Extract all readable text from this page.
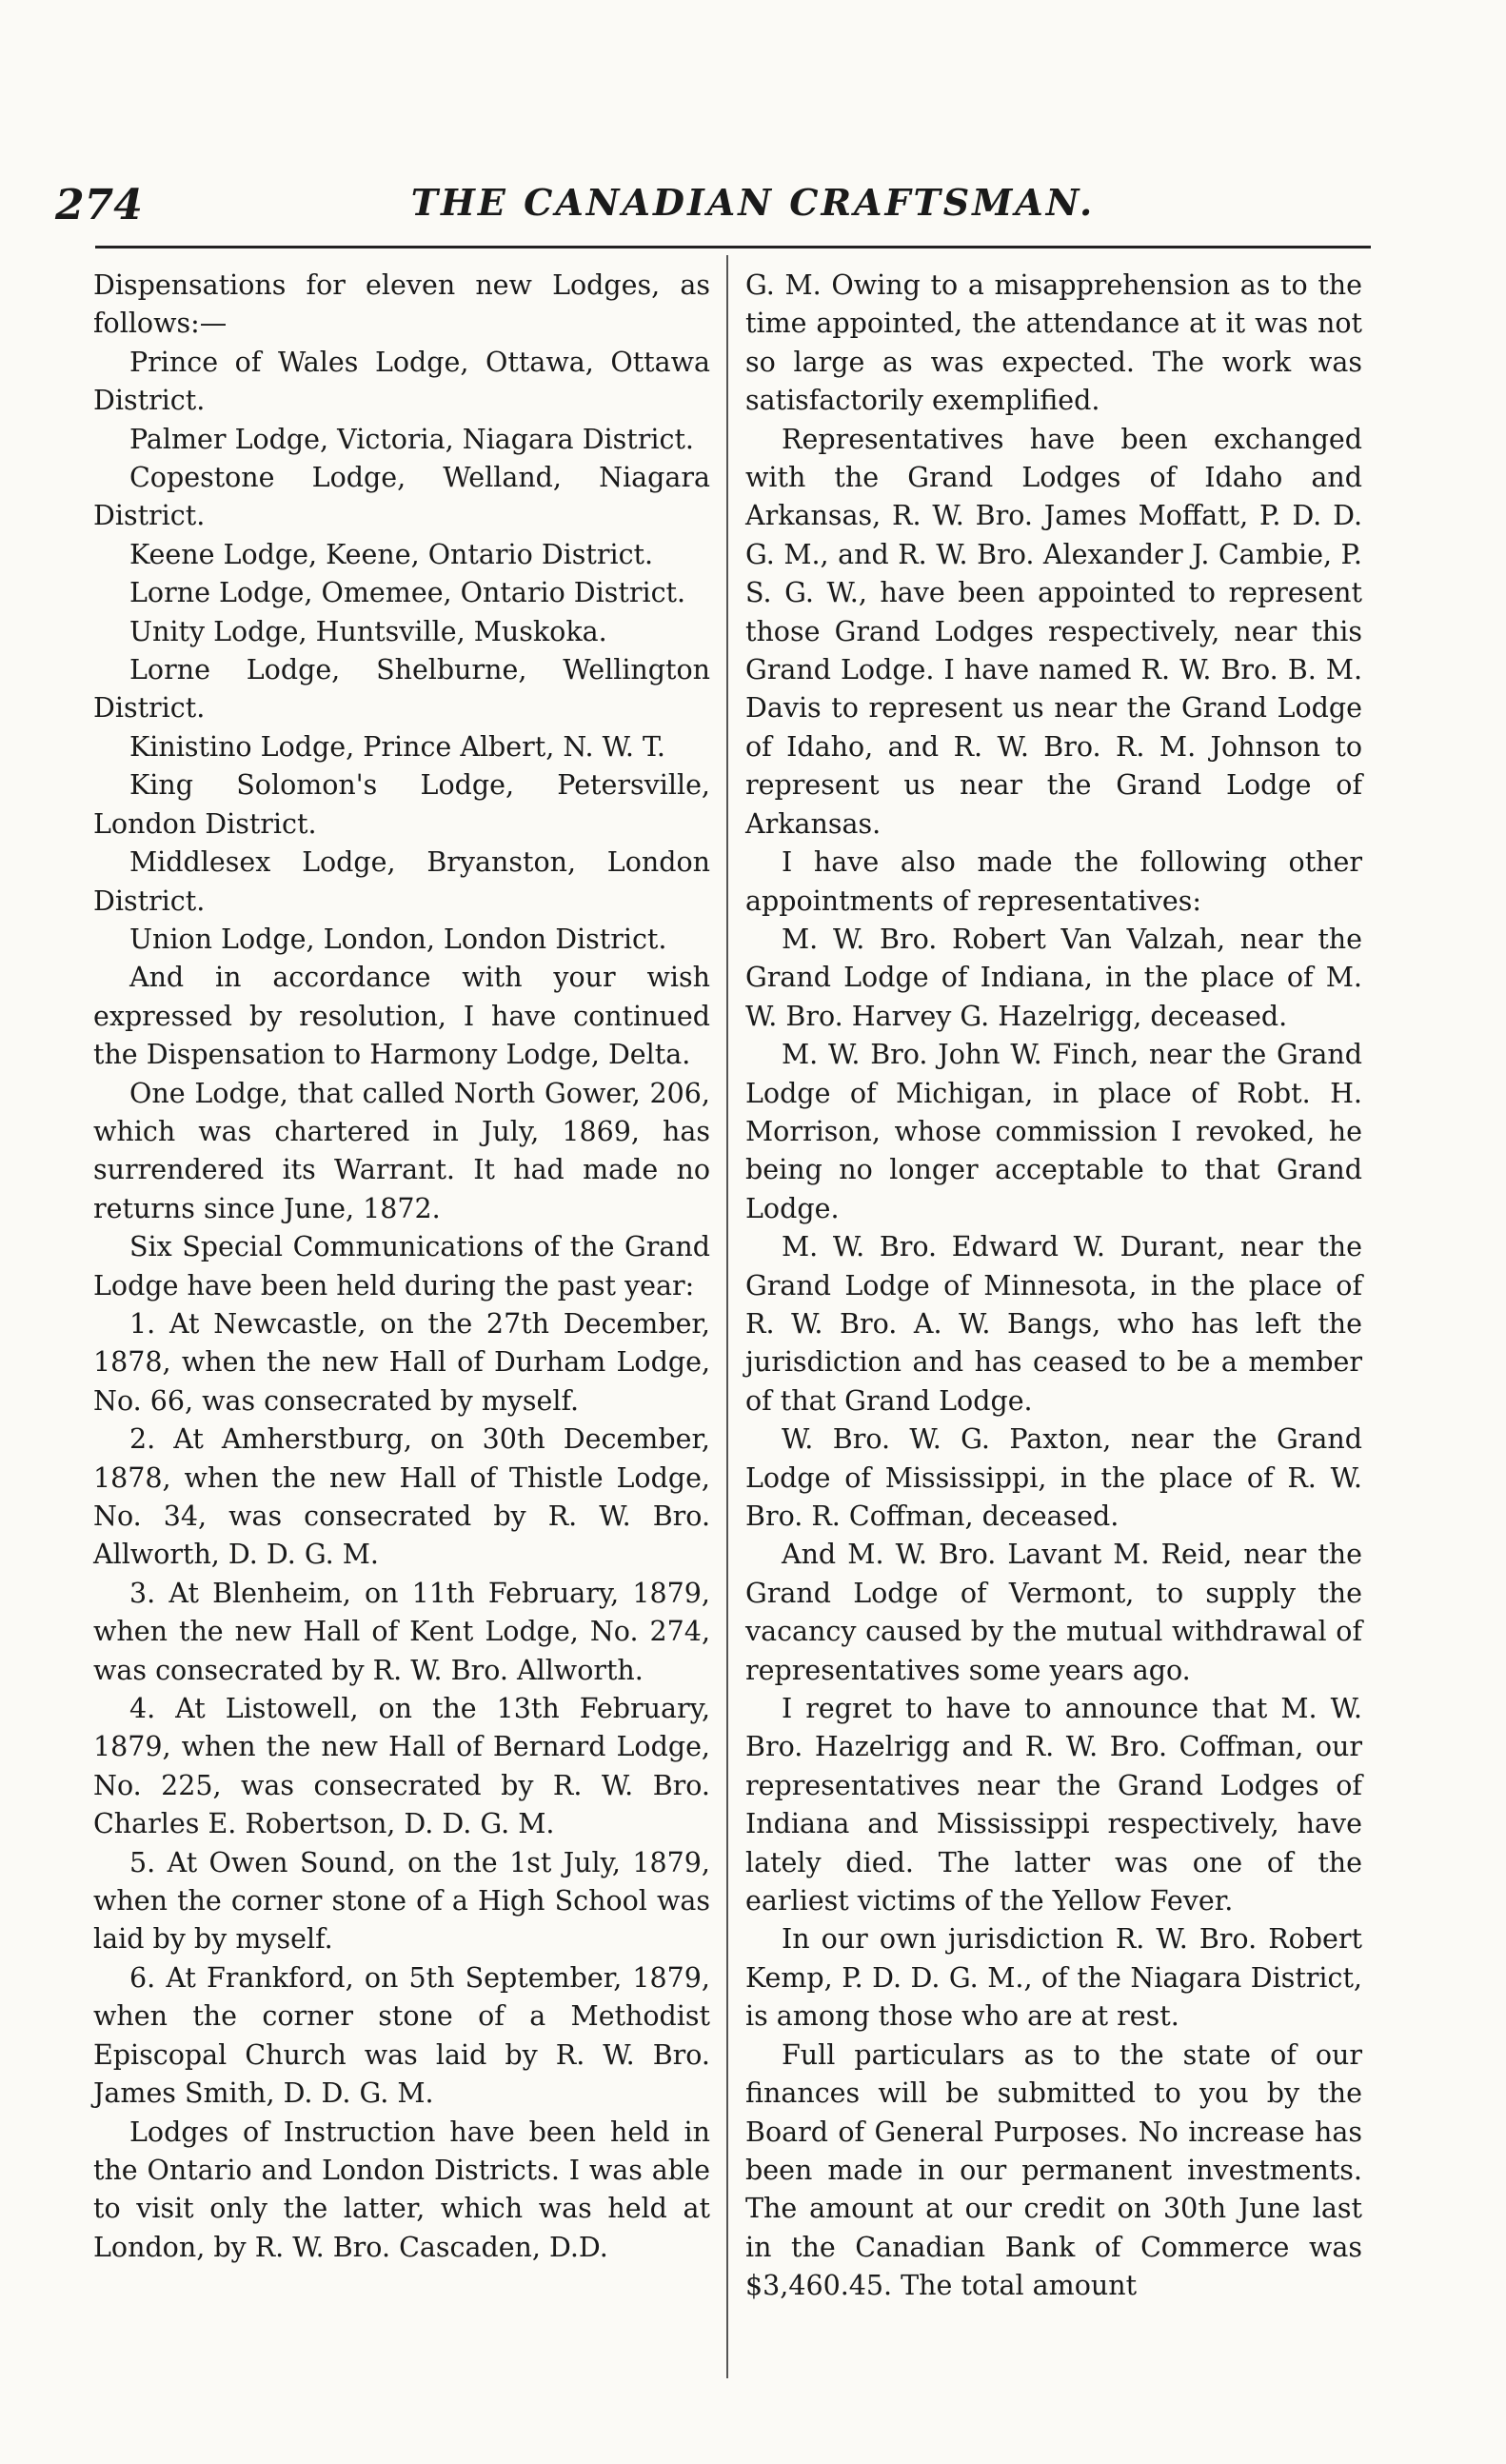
274	THE CANADIAN CRAFTSMAN.

Dispensations for eleven new Lodges, as follows:—

Prince of Wales Lodge, Ottawa, Ottawa District.

Palmer Lodge, Victoria, Niagara District.

Copestone Lodge, Welland, Niagara District.

Keene Lodge, Keene, Ontario District.

Lorne Lodge, Omemee, Ontario District.

Unity Lodge, Huntsville, Muskoka.

Lorne Lodge, Shelburne, Wellington District.

Kinistino Lodge, Prince Albert, N. W. T.

King Solomon's Lodge, Petersville, London District.

Middlesex Lodge, Bryanston, London District.

Union Lodge, London, London District.

And in accordance with your wish expressed by resolution, I have continued the Dispensation to Harmony Lodge, Delta.

One Lodge, that called North Gower, 206, which was chartered in July, 1869, has surrendered its Warrant. It had made no returns since June, 1872.

Six Special Communications of the Grand Lodge have been held during the past year:

1. At Newcastle, on the 27th December, 1878, when the new Hall of Durham Lodge, No. 66, was consecrated by myself.

2. At Amherstburg, on 30th December, 1878, when the new Hall of Thistle Lodge, No. 34, was consecrated by R. W. Bro. Allworth, D. D. G. M.

3. At Blenheim, on 11th February, 1879, when the new Hall of Kent Lodge, No. 274, was consecrated by R. W. Bro. Allworth.

4. At Listowell, on the 13th February, 1879, when the new Hall of Bernard Lodge, No. 225, was consecrated by R. W. Bro. Charles E. Robertson, D. D. G. M.

5. At Owen Sound, on the 1st July, 1879, when the corner stone of a High School was laid by by myself.

6. At Frankford, on 5th September, 1879, when the corner stone of a Methodist Episcopal Church was laid by R. W. Bro. James Smith, D. D. G. M.

Lodges of Instruction have been held in the Ontario and London Districts. I was able to visit only the latter, which was held at London, by R. W. Bro. Cascaden, D.D.

G. M. Owing to a misapprehension as to the time appointed, the attendance at it was not so large as was expected. The work was satisfactorily exemplified.

Representatives have been exchanged with the Grand Lodges of Idaho and Arkansas, R. W. Bro. James Moffatt, P. D. D. G. M., and R. W. Bro. Alexander J. Cambie, P. S. G. W., have been appointed to represent those Grand Lodges respectively, near this Grand Lodge. I have named R. W. Bro. B. M. Davis to represent us near the Grand Lodge of Idaho, and R. W. Bro. R. M. Johnson to represent us near the Grand Lodge of Arkansas.

I have also made the following other appointments of representatives:

M. W. Bro. Robert Van Valzah, near the Grand Lodge of Indiana, in the place of M. W. Bro. Harvey G. Hazelrigg, deceased.

M. W. Bro. John W. Finch, near the Grand Lodge of Michigan, in place of Robt. H. Morrison, whose commission I revoked, he being no longer acceptable to that Grand Lodge.

M. W. Bro. Edward W. Durant, near the Grand Lodge of Minnesota, in the place of R. W. Bro. A. W. Bangs, who has left the jurisdiction and has ceased to be a member of that Grand Lodge.

W. Bro. W. G. Paxton, near the Grand Lodge of Mississippi, in the place of R. W. Bro. R. Coffman, deceased.

And M. W. Bro. Lavant M. Reid, near the Grand Lodge of Vermont, to supply the vacancy caused by the mutual withdrawal of representatives some years ago.

I regret to have to announce that M. W. Bro. Hazelrigg and R. W. Bro. Coffman, our representatives near the Grand Lodges of Indiana and Mississippi respectively, have lately died. The latter was one of the earliest victims of the Yellow Fever.

In our own jurisdiction R. W. Bro. Robert Kemp, P. D. D. G. M., of the Niagara District, is among those who are at rest.

Full particulars as to the state of our finances will be submitted to you by the Board of General Purposes. No increase has been made in our permanent investments. The amount at our credit on 30th June last in the Canadian Bank of Commerce was $3,460.45. The total amount
